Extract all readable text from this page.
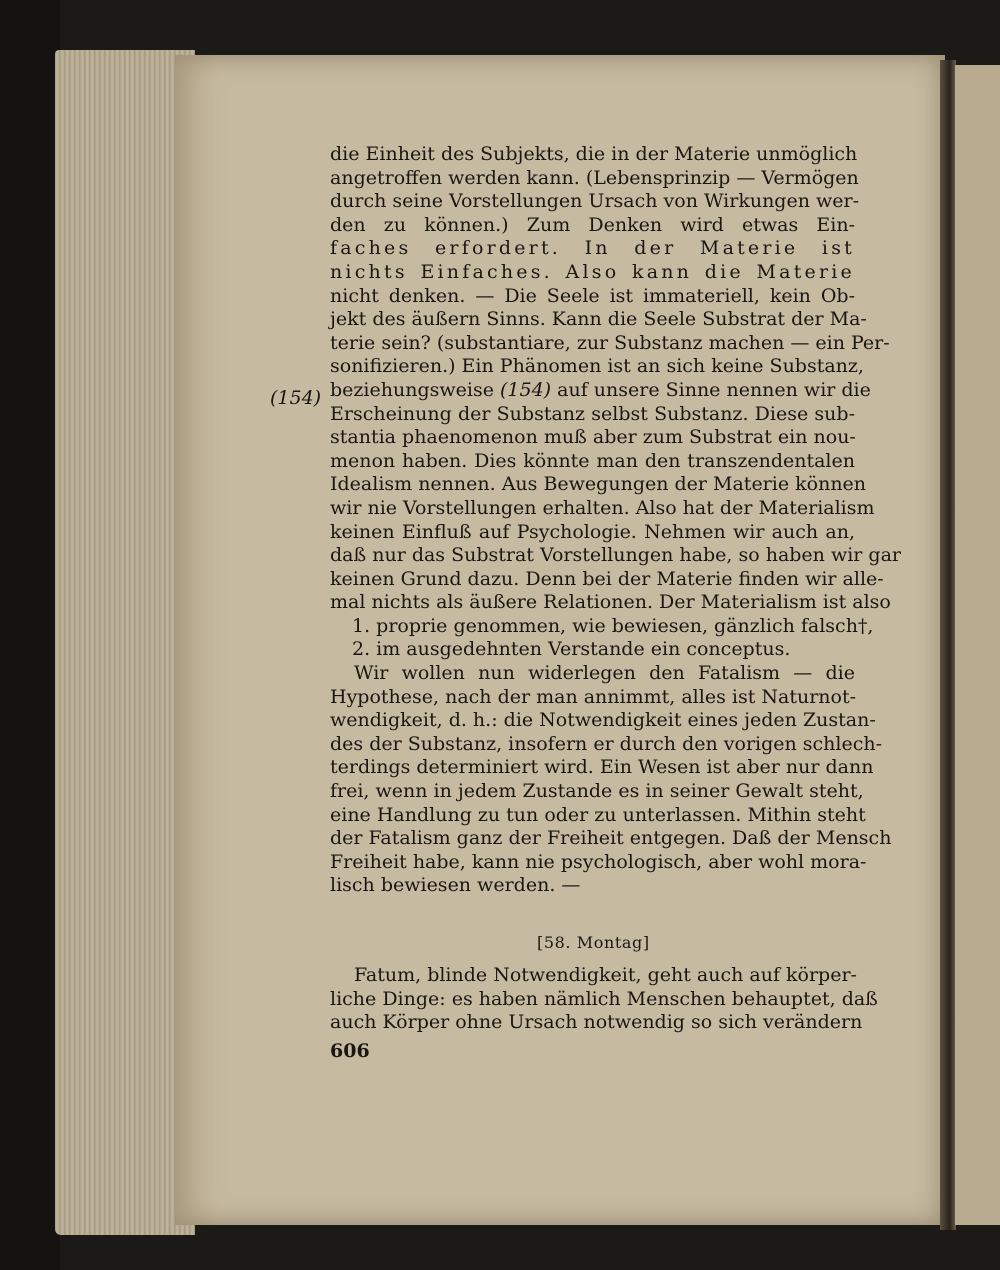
(154)
die Einheit des Subjekts, die in der Materie unmöglich
angetroffen werden kann. (Lebensprinzip — Vermögen
durch seine Vorstellungen Ursach von Wirkungen wer-
den zu können.) Zum Denken wird etwas Ein-
faches erfordert. In der Materie ist
nichts Einfaches. Also kann die Materie
nicht denken. — Die Seele ist immateriell, kein Ob-
jekt des äußern Sinns. Kann die Seele Substrat der Ma-
terie sein? (substantiare, zur Substanz machen — ein Per-
sonifizieren.) Ein Phänomen ist an sich keine Substanz,
beziehungsweise (154) auf unsere Sinne nennen wir die
Erscheinung der Substanz selbst Substanz. Diese sub-
stantia phaenomenon muß aber zum Substrat ein nou-
menon haben. Dies könnte man den transzendentalen
Idealism nennen. Aus Bewegungen der Materie können
wir nie Vorstellungen erhalten. Also hat der Materialism
keinen Einfluß auf Psychologie. Nehmen wir auch an,
daß nur das Substrat Vorstellungen habe, so haben wir gar
keinen Grund dazu. Denn bei der Materie finden wir alle-
mal nichts als äußere Relationen. Der Materialism ist also
1. proprie genommen, wie bewiesen, gänzlich falsch†,
2. im ausgedehnten Verstande ein conceptus.
Wir wollen nun widerlegen den Fatalism — die
Hypothese, nach der man annimmt, alles ist Naturnot-
wendigkeit, d. h.: die Notwendigkeit eines jeden Zustan-
des der Substanz, insofern er durch den vorigen schlech-
terdings determiniert wird. Ein Wesen ist aber nur dann
frei, wenn in jedem Zustande es in seiner Gewalt steht,
eine Handlung zu tun oder zu unterlassen. Mithin steht
der Fatalism ganz der Freiheit entgegen. Daß der Mensch
Freiheit habe, kann nie psychologisch, aber wohl mora-
lisch bewiesen werden. —
[58. Montag]
Fatum, blinde Notwendigkeit, geht auch auf körper-
liche Dinge: es haben nämlich Menschen behauptet, daß
auch Körper ohne Ursach notwendig so sich verändern
606
